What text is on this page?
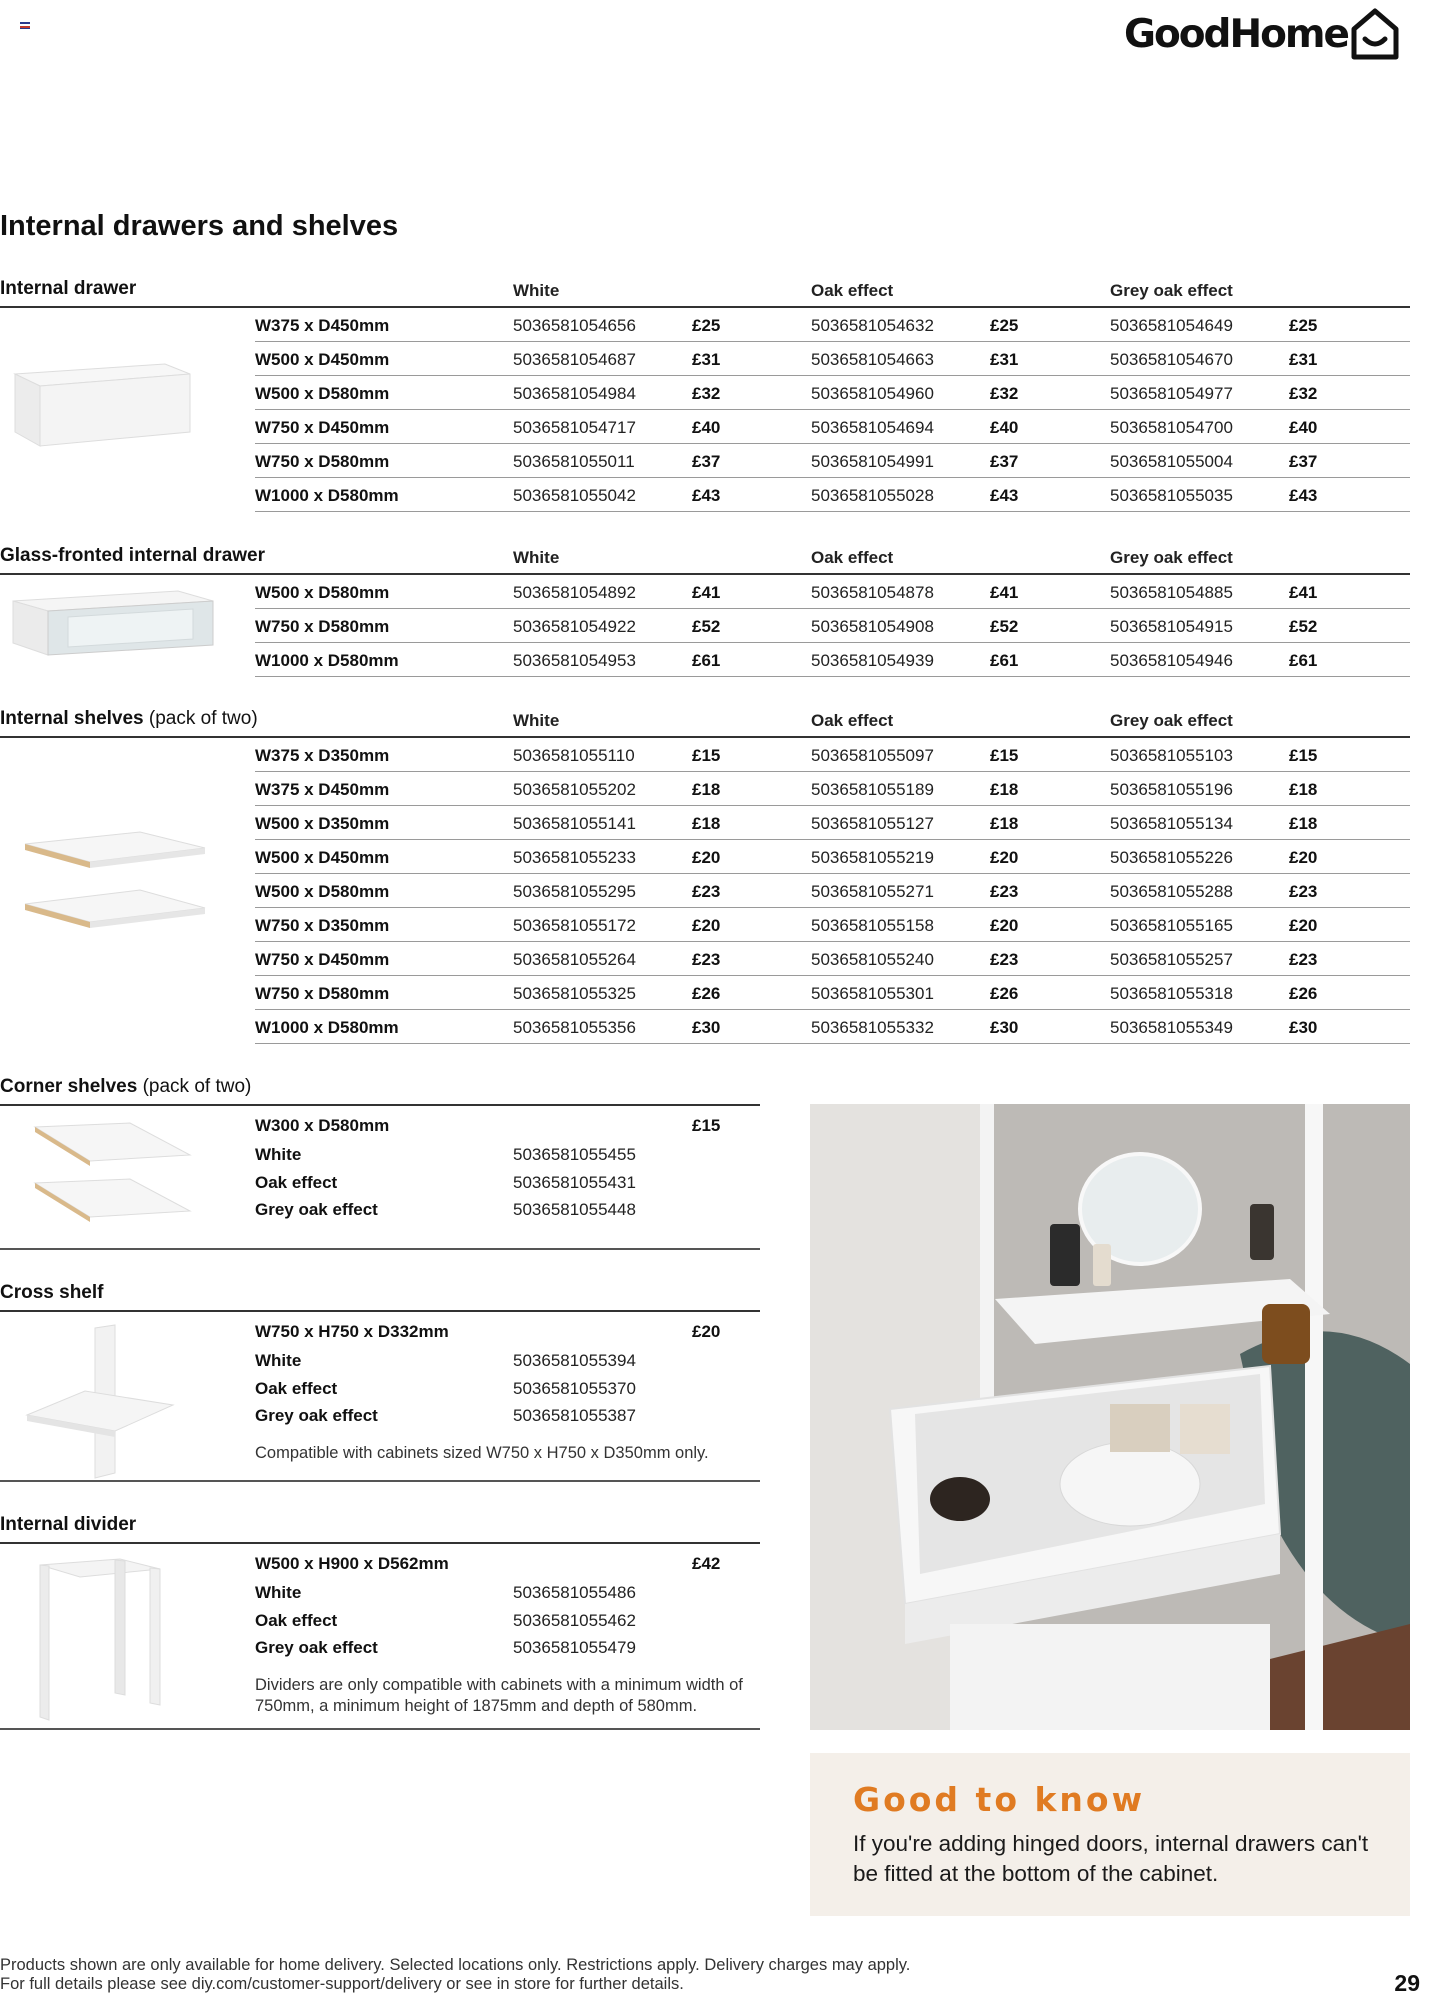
GoodHome
Internal drawers and shelves
Internal drawer	White	Oak effect	Grey oak effect
W375 x D450mm	5036581054656	£25	5036581054632	£25	5036581054649	£25
W500 x D450mm	5036581054687	£31	5036581054663	£31	5036581054670	£31
W500 x D580mm	5036581054984	£32	5036581054960	£32	5036581054977	£32
W750 x D450mm	5036581054717	£40	5036581054694	£40	5036581054700	£40
W750 x D580mm	5036581055011	£37	5036581054991	£37	5036581055004	£37
W1000 x D580mm	5036581055042	£43	5036581055028	£43	5036581055035	£43
Glass-fronted internal drawer	White	Oak effect	Grey oak effect
W500 x D580mm	5036581054892	£41	5036581054878	£41	5036581054885	£41
W750 x D580mm	5036581054922	£52	5036581054908	£52	5036581054915	£52
W1000 x D580mm	5036581054953	£61	5036581054939	£61	5036581054946	£61
Internal shelves (pack of two)	White	Oak effect	Grey oak effect
W375 x D350mm	5036581055110	£15	5036581055097	£15	5036581055103	£15
W375 x D450mm	5036581055202	£18	5036581055189	£18	5036581055196	£18
W500 x D350mm	5036581055141	£18	5036581055127	£18	5036581055134	£18
W500 x D450mm	5036581055233	£20	5036581055219	£20	5036581055226	£20
W500 x D580mm	5036581055295	£23	5036581055271	£23	5036581055288	£23
W750 x D350mm	5036581055172	£20	5036581055158	£20	5036581055165	£20
W750 x D450mm	5036581055264	£23	5036581055240	£23	5036581055257	£23
W750 x D580mm	5036581055325	£26	5036581055301	£26	5036581055318	£26
W1000 x D580mm	5036581055356	£30	5036581055332	£30	5036581055349	£30
Corner shelves (pack of two)
W300 x D580mm	£15
White	5036581055455
Oak effect	5036581055431
Grey oak effect	5036581055448
Cross shelf
W750 x H750 x D332mm	£20
White	5036581055394
Oak effect	5036581055370
Grey oak effect	5036581055387
Compatible with cabinets sized W750 x H750 x D350mm only.
Internal divider
W500 x H900 x D562mm	£42
White	5036581055486
Oak effect	5036581055462
Grey oak effect	5036581055479
Dividers are only compatible with cabinets with a minimum width of 750mm, a minimum height of 1875mm and depth of 580mm.
Good to know
If you're adding hinged doors, internal drawers can't be fitted at the bottom of the cabinet.
Products shown are only available for home delivery. Selected locations only. Restrictions apply. Delivery charges may apply.
For full details please see diy.com/customer-support/delivery or see in store for further details.	29
